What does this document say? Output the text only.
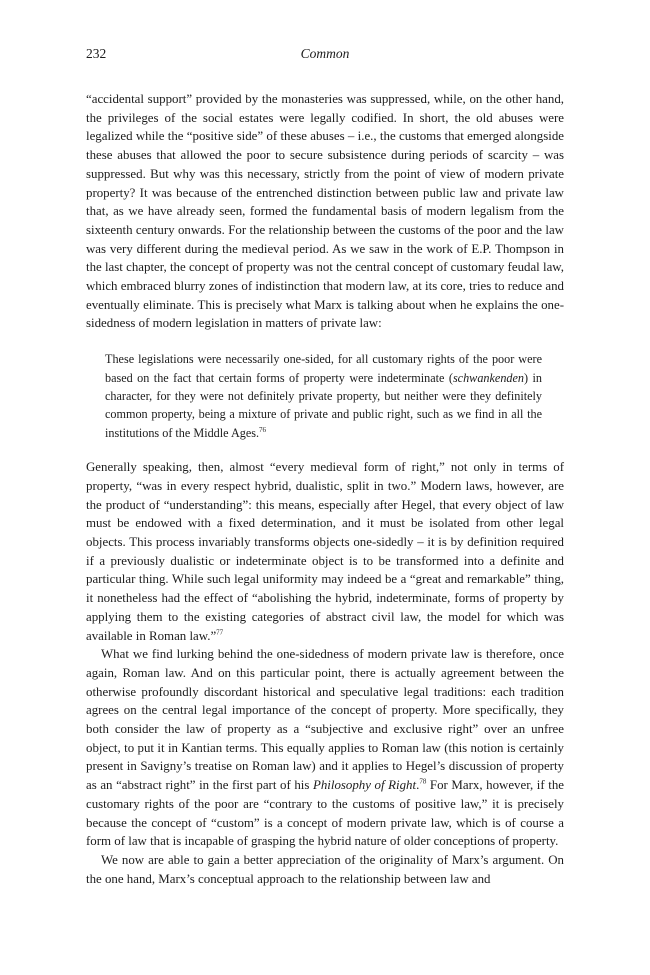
232	Common

“accidental support” provided by the monasteries was suppressed, while, on the other hand, the privileges of the social estates were legally codified. In short, the old abuses were legalized while the “positive side” of these abuses – i.e., the customs that emerged alongside these abuses that allowed the poor to secure subsistence during periods of scarcity – was suppressed. But why was this necessary, strictly from the point of view of modern private property? It was because of the entrenched distinction between public law and private law that, as we have already seen, formed the fundamental basis of modern legalism from the sixteenth century onwards. For the relationship between the customs of the poor and the law was very different during the medieval period. As we saw in the work of E.P. Thompson in the last chapter, the concept of property was not the central concept of customary feudal law, which embraced blurry zones of indistinction that modern law, at its core, tries to reduce and eventually eliminate. This is precisely what Marx is talking about when he explains the one-sidedness of modern legislation in matters of private law:

These legislations were necessarily one-sided, for all customary rights of the poor were based on the fact that certain forms of property were indeterminate (schwankenden) in character, for they were not definitely private property, but neither were they definitely common property, being a mixture of private and public right, such as we find in all the institutions of the Middle Ages.$^{76}$

Generally speaking, then, almost “every medieval form of right,” not only in terms of property, “was in every respect hybrid, dualistic, split in two.” Modern laws, however, are the product of “understanding”: this means, especially after Hegel, that every object of law must be endowed with a fixed determination, and it must be isolated from other legal objects. This process invariably transforms objects one-sidedly – it is by definition required if a previously dualistic or indeterminate object is to be transformed into a definite and particular thing. While such legal uniformity may indeed be a “great and remarkable” thing, it nonetheless had the effect of “abolishing the hybrid, indeterminate, forms of property by applying them to the existing categories of abstract civil law, the model for which was available in Roman law.”$^{77}$

What we find lurking behind the one-sidedness of modern private law is therefore, once again, Roman law. And on this particular point, there is actually agreement between the otherwise profoundly discordant historical and speculative legal traditions: each tradition agrees on the central legal importance of the concept of property. More specifically, they both consider the law of property as a “subjective and exclusive right” over an unfree object, to put it in Kantian terms. This equally applies to Roman law (this notion is certainly present in Savigny’s treatise on Roman law) and it applies to Hegel’s discussion of property as an “abstract right” in the first part of his Philosophy of Right.$^{78}$ For Marx, however, if the customary rights of the poor are “contrary to the customs of positive law,” it is precisely because the concept of “custom” is a concept of modern private law, which is of course a form of law that is incapable of grasping the hybrid nature of older conceptions of property.

We now are able to gain a better appreciation of the originality of Marx’s argument. On the one hand, Marx’s conceptual approach to the relationship between law and
